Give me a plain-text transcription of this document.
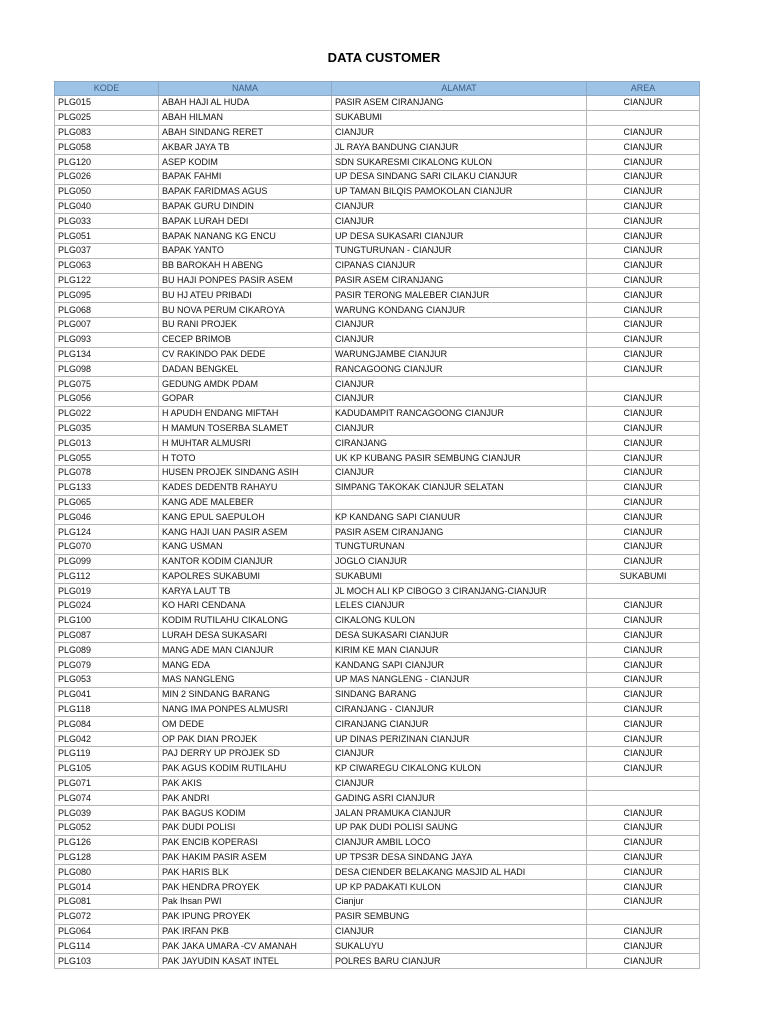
DATA CUSTOMER
KODE	NAMA	ALAMAT	AREA
PLG015	ABAH HAJI AL HUDA	PASIR ASEM CIRANJANG	CIANJUR
PLG025	ABAH HILMAN	SUKABUMI	
PLG083	ABAH SINDANG RERET	CIANJUR	CIANJUR
PLG058	AKBAR JAYA TB	JL RAYA BANDUNG CIANJUR	CIANJUR
PLG120	ASEP KODIM	SDN SUKARESMI CIKALONG KULON	CIANJUR
PLG026	BAPAK FAHMI	UP DESA SINDANG SARI CILAKU CIANJUR	CIANJUR
PLG050	BAPAK FARIDMAS AGUS	UP TAMAN BILQIS PAMOKOLAN CIANJUR	CIANJUR
PLG040	BAPAK GURU DINDIN	CIANJUR	CIANJUR
PLG033	BAPAK LURAH DEDI	CIANJUR	CIANJUR
PLG051	BAPAK NANANG KG ENCU	UP DESA SUKASARI CIANJUR	CIANJUR
PLG037	BAPAK YANTO	TUNGTURUNAN - CIANJUR	CIANJUR
PLG063	BB BAROKAH H ABENG	CIPANAS CIANJUR	CIANJUR
PLG122	BU HAJI PONPES PASIR ASEM	PASIR ASEM CIRANJANG	CIANJUR
PLG095	BU HJ ATEU PRIBADI	PASIR TERONG MALEBER CIANJUR	CIANJUR
PLG068	BU NOVA PERUM CIKAROYA	WARUNG KONDANG CIANJUR	CIANJUR
PLG007	BU RANI PROJEK	CIANJUR	CIANJUR
PLG093	CECEP BRIMOB	CIANJUR	CIANJUR
PLG134	CV RAKINDO PAK DEDE	WARUNGJAMBE CIANJUR	CIANJUR
PLG098	DADAN BENGKEL	RANCAGOONG CIANJUR	CIANJUR
PLG075	GEDUNG AMDK PDAM	CIANJUR	
PLG056	GOPAR	CIANJUR	CIANJUR
PLG022	H APUDH ENDANG MIFTAH	KADUDAMPIT RANCAGOONG CIANJUR	CIANJUR
PLG035	H MAMUN TOSERBA SLAMET	CIANJUR	CIANJUR
PLG013	H MUHTAR ALMUSRI	CIRANJANG	CIANJUR
PLG055	H TOTO	UK KP KUBANG PASIR SEMBUNG CIANJUR	CIANJUR
PLG078	HUSEN PROJEK SINDANG ASIH	CIANJUR	CIANJUR
PLG133	KADES DEDENTB RAHAYU	SIMPANG TAKOKAK CIANJUR SELATAN	CIANJUR
PLG065	KANG ADE MALEBER		CIANJUR
PLG046	KANG EPUL SAEPULOH	KP KANDANG SAPI CIANUUR	CIANJUR
PLG124	KANG HAJI UAN PASIR ASEM	PASIR ASEM CIRANJANG	CIANJUR
PLG070	KANG USMAN	TUNGTURUNAN	CIANJUR
PLG099	KANTOR KODIM CIANJUR	JOGLO CIANJUR	CIANJUR
PLG112	KAPOLRES SUKABUMI	SUKABUMI	SUKABUMI
PLG019	KARYA LAUT TB	JL MOCH ALI KP CIBOGO 3 CIRANJANG-CIANJUR	
PLG024	KO HARI CENDANA	LELES CIANJUR	CIANJUR
PLG100	KODIM RUTILAHU CIKALONG	CIKALONG KULON	CIANJUR
PLG087	LURAH DESA SUKASARI	DESA SUKASARI CIANJUR	CIANJUR
PLG089	MANG ADE MAN CIANJUR	KIRIM KE MAN CIANJUR	CIANJUR
PLG079	MANG EDA	KANDANG SAPI CIANJUR	CIANJUR
PLG053	MAS NANGLENG	UP MAS NANGLENG - CIANJUR	CIANJUR
PLG041	MIN 2 SINDANG BARANG	SINDANG BARANG	CIANJUR
PLG118	NANG IMA PONPES ALMUSRI	CIRANJANG - CIANJUR	CIANJUR
PLG084	OM DEDE	CIRANJANG CIANJUR	CIANJUR
PLG042	OP PAK DIAN PROJEK	UP DINAS PERIZINAN CIANJUR	CIANJUR
PLG119	PAJ DERRY UP PROJEK SD	CIANJUR	CIANJUR
PLG105	PAK AGUS KODIM RUTILAHU	KP CIWAREGU CIKALONG KULON	CIANJUR
PLG071	PAK AKIS	CIANJUR	
PLG074	PAK ANDRI	GADING ASRI CIANJUR	
PLG039	PAK BAGUS KODIM	JALAN PRAMUKA CIANJUR	CIANJUR
PLG052	PAK DUDI POLISI	UP PAK DUDI POLISI SAUNG	CIANJUR
PLG126	PAK ENCIB KOPERASI	CIANJUR AMBIL LOCO	CIANJUR
PLG128	PAK HAKIM PASIR ASEM	UP TPS3R DESA SINDANG JAYA	CIANJUR
PLG080	PAK HARIS BLK	DESA CIENDER BELAKANG MASJID AL HADI	CIANJUR
PLG014	PAK HENDRA PROYEK	UP KP PADAKATI KULON	CIANJUR
PLG081	Pak Ihsan PWI	Cianjur	CIANJUR
PLG072	PAK IPUNG PROYEK	PASIR SEMBUNG	
PLG064	PAK IRFAN PKB	CIANJUR	CIANJUR
PLG114	PAK JAKA UMARA -CV AMANAH	SUKALUYU	CIANJUR
PLG103	PAK JAYUDIN KASAT INTEL	POLRES BARU CIANJUR	CIANJUR
